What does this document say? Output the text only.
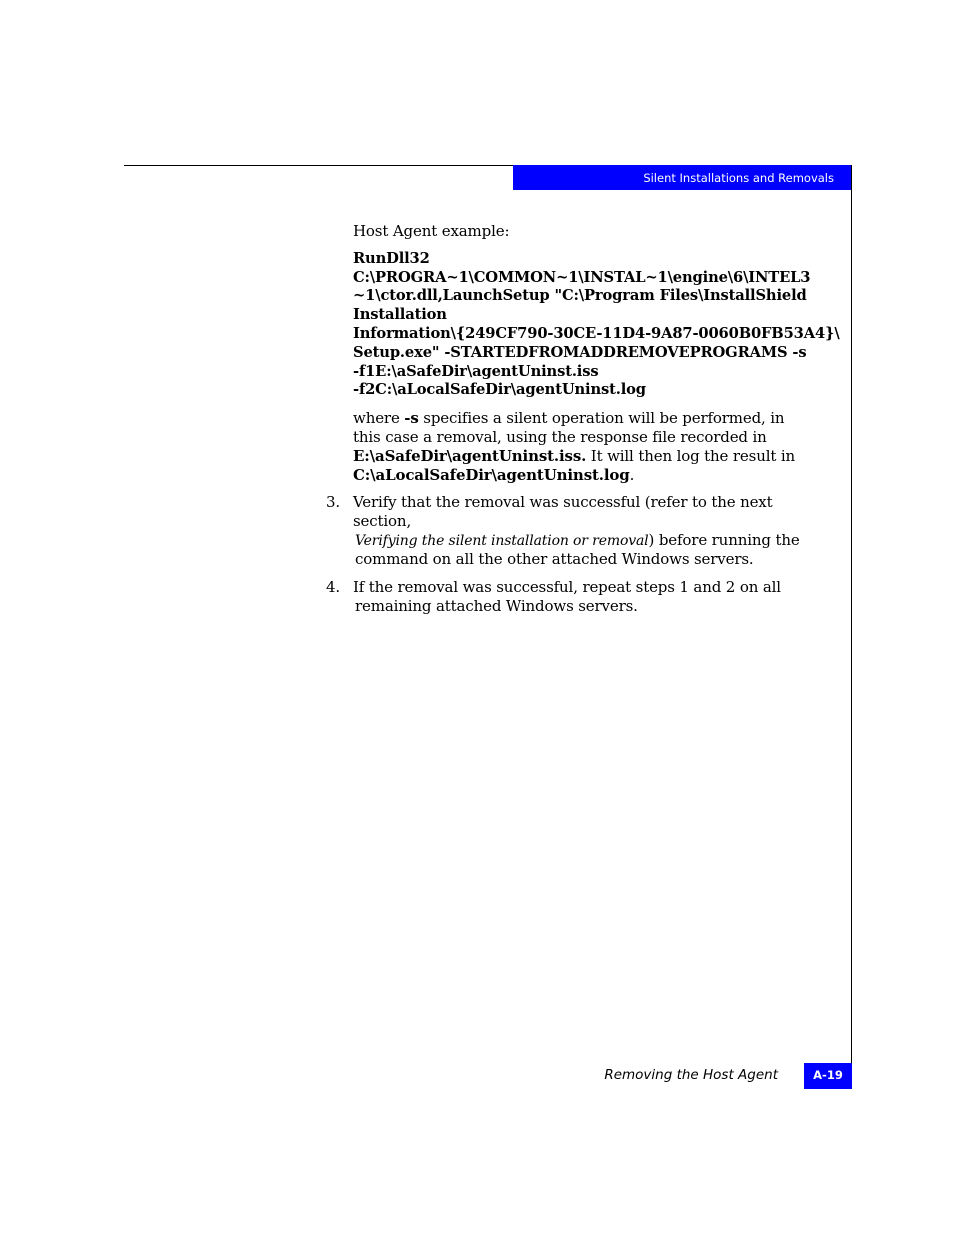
Silent Installations and Removals

Host Agent example:

RunDll32
C:\PROGRA~1\COMMON~1\INSTAL~1\engine\6\INTEL3
~1\ctor.dll,LaunchSetup "C:\Program Files\InstallShield
Installation
Information\{249CF790-30CE-11D4-9A87-0060B0FB53A4}\
Setup.exe" -STARTEDFROMADDREMOVEPROGRAMS -s
-f1E:\aSafeDir\agentUninst.iss
-f2C:\aLocalSafeDir\agentUninst.log

where -s specifies a silent operation will be performed, in this case a removal, using the response file recorded in E:\aSafeDir\agentUninst.iss. It will then log the result in C:\aLocalSafeDir\agentUninst.log.

3. Verify that the removal was successful (refer to the next section,
Verifying the silent installation or removal) before running the
command on all the other attached Windows servers.
4. If the removal was successful, repeat steps 1 and 2 on all
remaining attached Windows servers.
Removing the Host Agent	A-19
